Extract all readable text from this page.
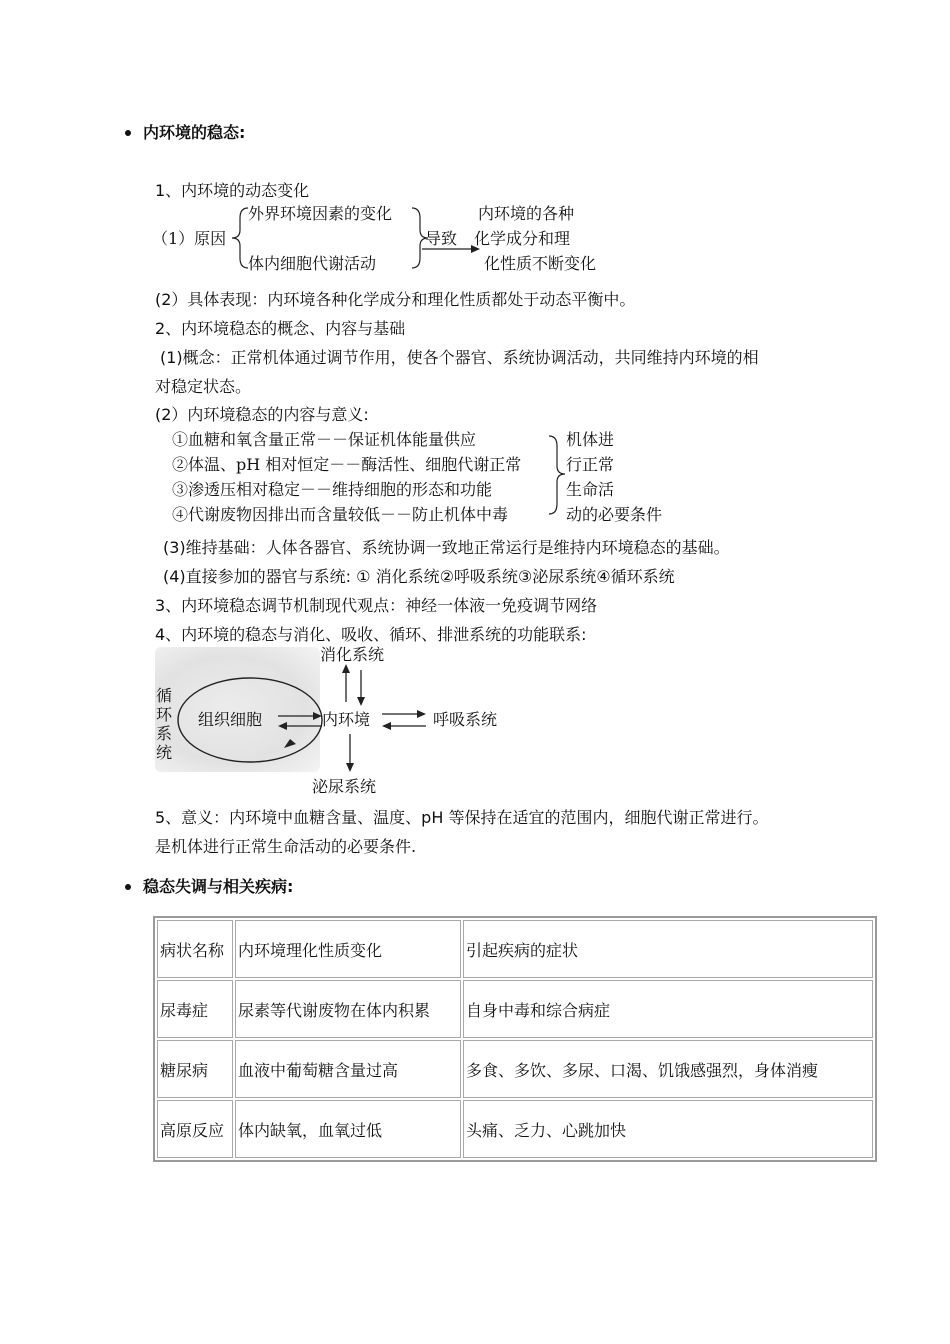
内环境的稳态:
1、内环境的动态变化
（1）原因
外界环境因素的变化
体内细胞代谢活动
导致
内环境的各种
化学成分和理
化性质不断变化
(2）具体表现：内环境各种化学成分和理化性质都处于动态平衡中。
2、内环境稳态的概念、内容与基础
(1)概念：正常机体通过调节作用，使各个器官、系统协调活动，共同维持内环境的相
对稳定状态。
(2）内环境稳态的内容与意义:
①血糖和氧含量正常－－保证机体能量供应
②体温、pH 相对恒定－－酶活性、细胞代谢正常
③渗透压相对稳定－－维持细胞的形态和功能
④代谢废物因排出而含量较低－－防止机体中毒
机体进
行正常
生命活
动的必要条件
(3)维持基础：人体各器官、系统协调一致地正常运行是维持内环境稳态的基础。
(4)直接参加的器官与系统: ① 消化系统②呼吸系统③泌尿系统④循环系统
3、内环境稳态调节机制现代观点：神经一体液一免疫调节网络
4、内环境的稳态与消化、吸收、循环、排泄系统的功能联系:
消化系统
组织细胞	内环境	呼吸系统
泌尿系统
循环系统
5、意义：内环境中血糖含量、温度、pH 等保持在适宜的范围内，细胞代谢正常进行。
是机体进行正常生命活动的必要条件.
稳态失调与相关疾病:
病状名称	内环境理化性质变化	引起疾病的症状
尿毒症	尿素等代谢废物在体内积累	自身中毒和综合病症
糖尿病	血液中葡萄糖含量过高	多食、多饮、多尿、口渴、饥饿感强烈，身体消瘦
高原反应	体内缺氧，血氧过低	头痛、乏力、心跳加快
